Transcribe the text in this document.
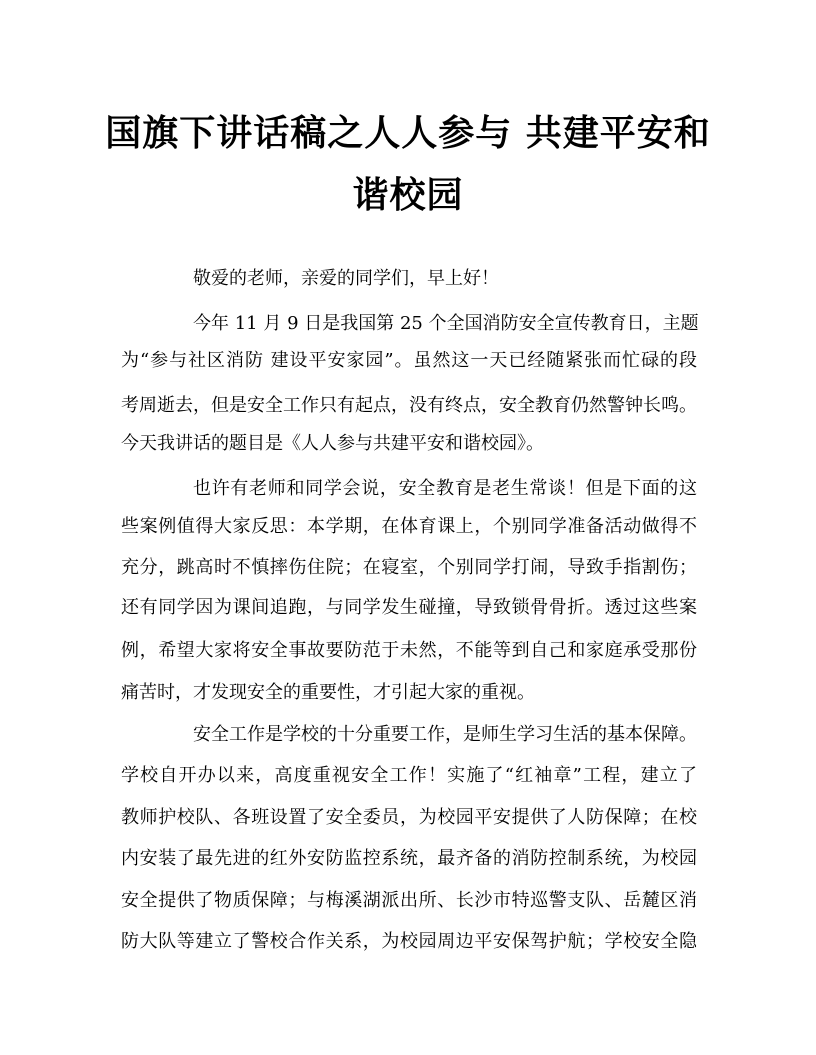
国旗下讲话稿之人人参与 共建平安和
谐校园
敬爱的老师，亲爱的同学们，早上好！
今年 11 月 9 日是我国第 25 个全国消防安全宣传教育日，主题
为“参与社区消防 建设平安家园”。虽然这一天已经随紧张而忙碌的段
考周逝去，但是安全工作只有起点，没有终点，安全教育仍然警钟长鸣。
今天我讲话的题目是《人人参与共建平安和谐校园》。
也许有老师和同学会说，安全教育是老生常谈！但是下面的这
些案例值得大家反思：本学期，在体育课上，个别同学准备活动做得不
充分，跳高时不慎摔伤住院；在寝室，个别同学打闹，导致手指割伤；
还有同学因为课间追跑，与同学发生碰撞，导致锁骨骨折。透过这些案
例，希望大家将安全事故要防范于未然，不能等到自己和家庭承受那份
痛苦时，才发现安全的重要性，才引起大家的重视。
安全工作是学校的十分重要工作，是师生学习生活的基本保障。
学校自开办以来，高度重视安全工作！实施了“红袖章”工程，建立了
教师护校队、各班设置了安全委员，为校园平安提供了人防保障；在校
内安装了最先进的红外安防监控系统，最齐备的消防控制系统，为校园
安全提供了物质保障；与梅溪湖派出所、长沙市特巡警支队、岳麓区消
防大队等建立了警校合作关系，为校园周边平安保驾护航；学校安全隐
